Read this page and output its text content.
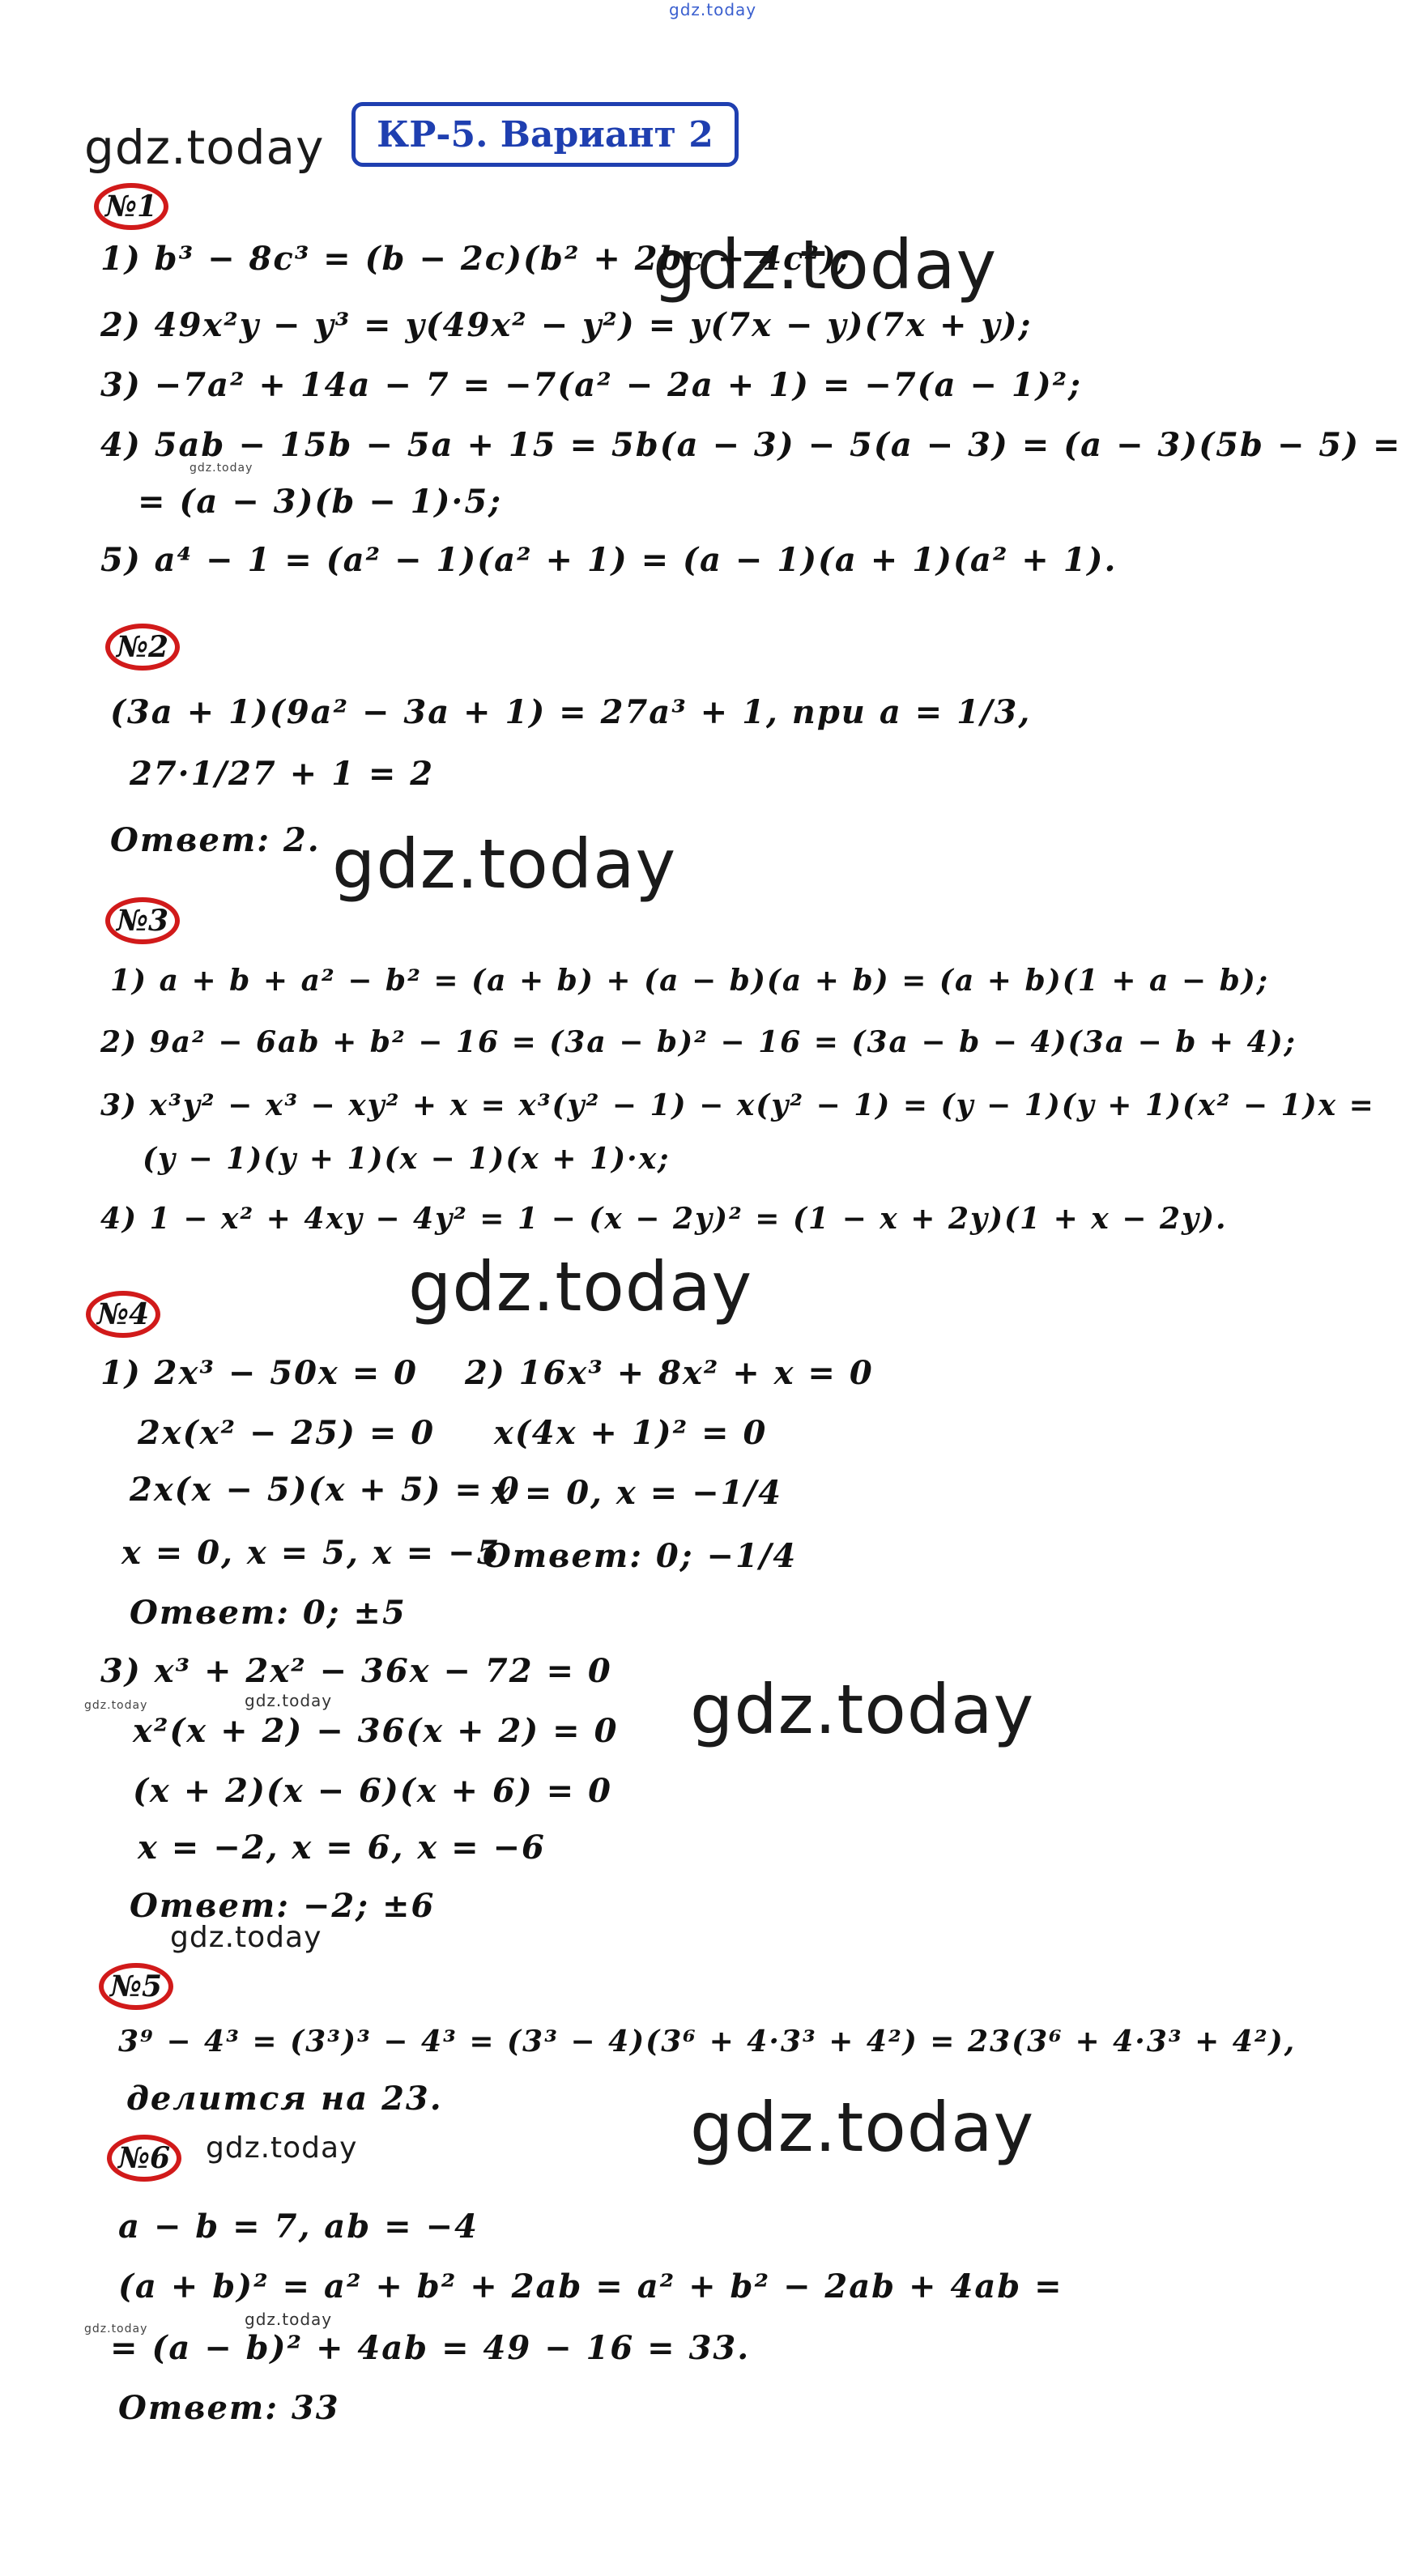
gdz.today
gdz.today
gdz.today
gdz.today
gdz.today
gdz.today
gdz.today
gdz.today	gdz.today
gdz.today
gdz.today
gdz.today
gdz.today	gdz.today
КР-5. Вариант 2
№1
1) b³ − 8c³ = (b − 2c)(b² + 2bc + 4c²);
2) 49x²y − y³ = y(49x² − y²) = y(7x − y)(7x + y);
3) −7a² + 14a − 7 = −7(a² − 2a + 1) = −7(a − 1)²;
4) 5ab − 15b − 5a + 15 = 5b(a − 3) − 5(a − 3) = (a − 3)(5b − 5) =
= (a − 3)(b − 1)·5;
5) a⁴ − 1 = (a² − 1)(a² + 1) = (a − 1)(a + 1)(a² + 1).
№2
(3a + 1)(9a² − 3a + 1) = 27a³ + 1, при a = 1/3,
27·1/27 + 1 = 2
Ответ: 2.
№3
1) a + b + a² − b² = (a + b) + (a − b)(a + b) = (a + b)(1 + a − b);
2) 9a² − 6ab + b² − 16 = (3a − b)² − 16 = (3a − b − 4)(3a − b + 4);
3) x³y² − x³ − xy² + x = x³(y² − 1) − x(y² − 1) = (y − 1)(y + 1)(x² − 1)x =
(y − 1)(y + 1)(x − 1)(x + 1)·x;
4) 1 − x² + 4xy − 4y² = 1 − (x − 2y)² = (1 − x + 2y)(1 + x − 2y).
№4
1) 2x³ − 50x = 0
2x(x² − 25) = 0
2x(x − 5)(x + 5) = 0
x = 0, x = 5, x = −5
Ответ: 0; ±5
2) 16x³ + 8x² + x = 0
x(4x + 1)² = 0
x = 0, x = −1/4
Ответ: 0; −1/4
3) x³ + 2x² − 36x − 72 = 0
x²(x + 2) − 36(x + 2) = 0
(x + 2)(x − 6)(x + 6) = 0
x = −2, x = 6, x = −6
Ответ: −2; ±6
№5
3⁹ − 4³ = (3³)³ − 4³ = (3³ − 4)(3⁶ + 4·3³ + 4²) = 23(3⁶ + 4·3³ + 4²),
делится на 23.
№6
a − b = 7, ab = −4
(a + b)² = a² + b² + 2ab = a² + b² − 2ab + 4ab =
= (a − b)² + 4ab = 49 − 16 = 33.
Ответ: 33
